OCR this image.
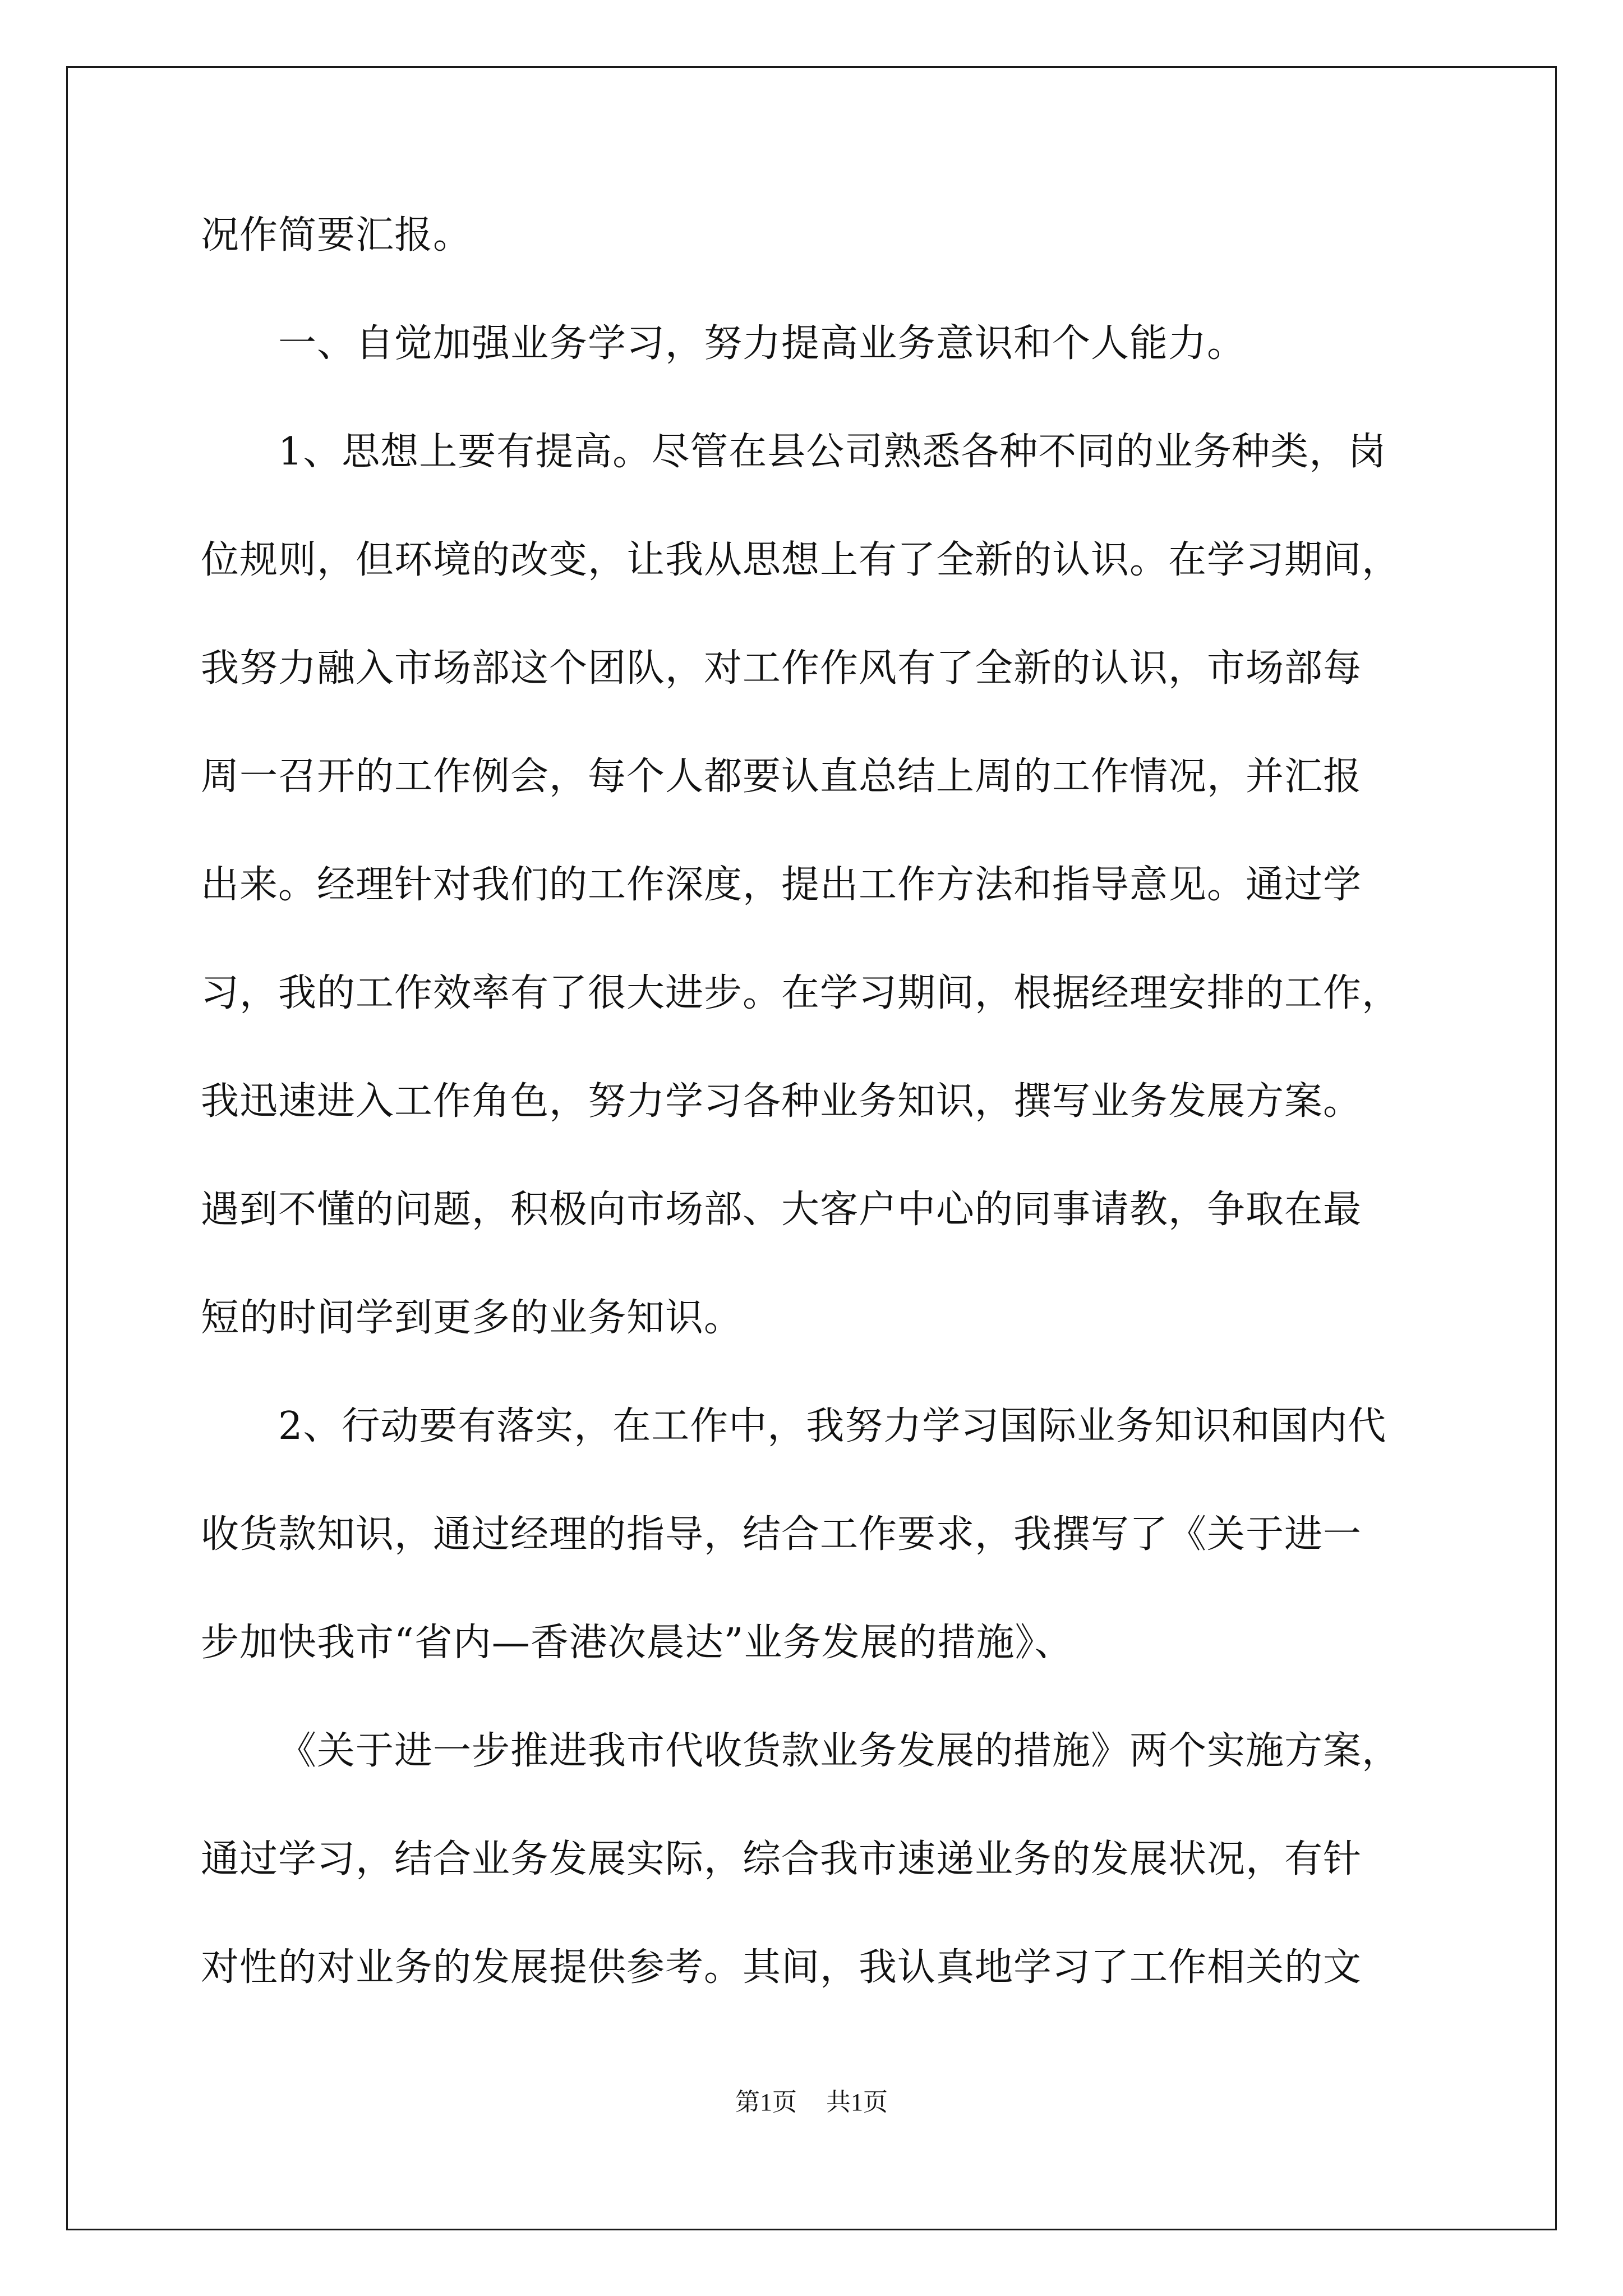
况作简要汇报。
一、自觉加强业务学习，努力提高业务意识和个人能力。
1、思想上要有提高。尽管在县公司熟悉各种不同的业务种类，岗
位规则，但环境的改变，让我从思想上有了全新的认识。在学习期间，
我努力融入市场部这个团队，对工作作风有了全新的认识，市场部每
周一召开的工作例会，每个人都要认直总结上周的工作情况，并汇报
出来。经理针对我们的工作深度，提出工作方法和指导意见。通过学
习，我的工作效率有了很大进步。在学习期间，根据经理安排的工作，
我迅速进入工作角色，努力学习各种业务知识，撰写业务发展方案。
遇到不懂的问题，积极向市场部、大客户中心的同事请教，争取在最
短的时间学到更多的业务知识。
2、行动要有落实，在工作中，我努力学习国际业务知识和国内代
收货款知识，通过经理的指导，结合工作要求，我撰写了《关于进一
步加快我市“省内—香港次晨达”业务发展的措施》、
《关于进一步推进我市代收货款业务发展的措施》两个实施方案，
通过学习，结合业务发展实际，综合我市速递业务的发展状况，有针
对性的对业务的发展提供参考。其间，我认真地学习了工作相关的文
第1页 共1页
